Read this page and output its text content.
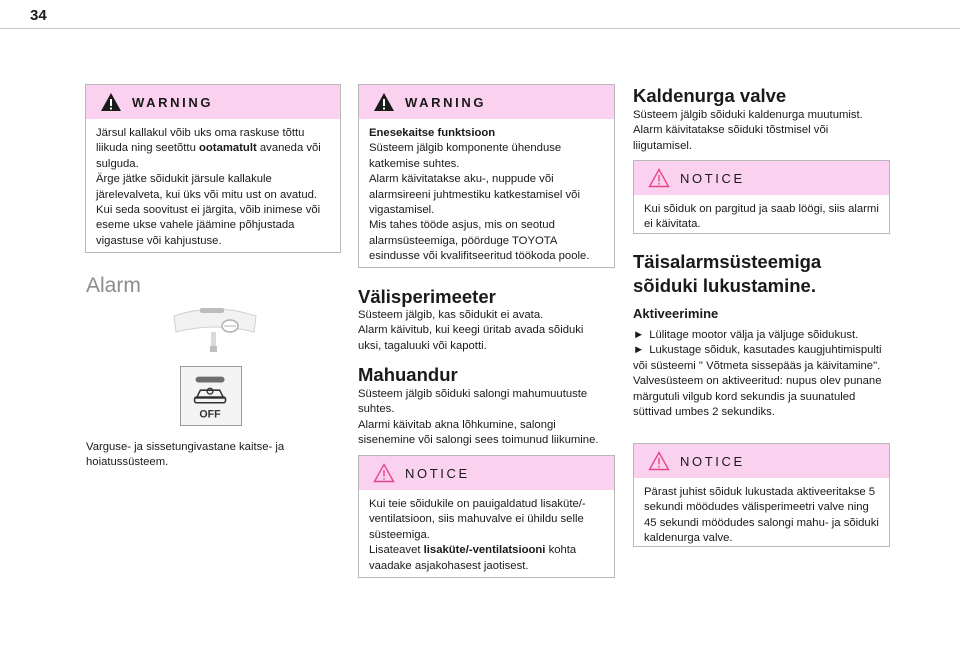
34
WARNING

Järsul kallakul võib uks oma raskuse tõttu liikuda ning seetõttu ootamatult avaneda või sulguda.
Ärge jätke sõidukit järsule kallakule järelevalveta, kui üks või mitu ust on avatud.
Kui seda soovitust ei järgita, võib inimese või eseme ukse vahele jäämine põhjustada vigastuse või kahjustuse.

Alarm
OFF
Varguse- ja sissetungivastane kaitse- ja hoiatussüsteem.
WARNING

Enesekaitse funktsioon

Süsteem jälgib komponente ühenduse katkemise suhtes.
Alarm käivitatakse aku-, nuppude või alarmsireeni juhtmestiku katkestamisel või vigastamisel.
Mis tahes tööde asjus, mis on seotud alarmsüsteemiga, pöörduge TOYOTA esindusse või kvalifitseeritud töökoda poole.

Välisperimeeter
Süsteem jälgib, kas sõidukit ei avata.
Alarm käivitub, kui keegi üritab avada sõiduki uksi, tagaluuki või kapotti.
Mahuandur
Süsteem jälgib sõiduki salongi mahumuutuste suhtes.
Alarmi käivitab akna lõhkumine, salongi sisenemine või salongi sees toimunud liikumine.
NOTICE

Kui teie sõidukile on pauigaldatud lisaküte/-ventilatsioon, siis mahuvalve ei ühildu selle süsteemiga.
Lisateavet lisaküte/-ventilatsiooni kohta vaadake asjakohasest jaotisest.

Kaldenurga valve
Süsteem jälgib sõiduki kaldenurga muutumist.
Alarm käivitatakse sõiduki tõstmisel või liigutamisel.
NOTICE

Kui sõiduk on pargitud ja saab löögi, siis alarmi ei käivitata.

Täisalarmsüsteemiga
sõiduki lukustamine.
Aktiveerimine
► Lülitage mootor välja ja väljuge sõidukust.
► Lukustage sõiduk, kasutades kaugjuhtimispulti või süsteemi " Võtmeta sissepääs ja käivitamine".
Valvesüsteem on aktiveeritud: nupus olev punane märgutuli vilgub kord sekundis ja suunatuled süttivad umbes 2 sekundiks.
NOTICE

Pärast juhist sõiduk lukustada aktiveeritakse 5 sekundi möödudes välisperimeetri valve ning 45 sekundi möödudes salongi mahu- ja sõiduki kaldenurga valve.
